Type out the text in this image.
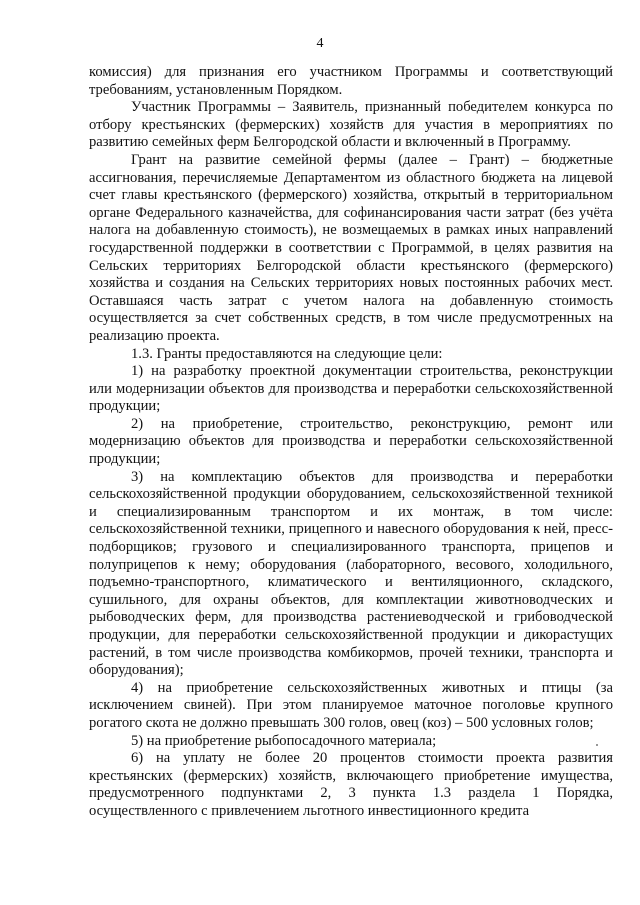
4

комиссия) для признания его участником Программы и соответствующий требованиям, установленным Порядком.

Участник Программы – Заявитель, признанный победителем конкурса по отбору крестьянских (фермерских) хозяйств для участия в мероприятиях по развитию семейных ферм Белгородской области и включенный в Программу.

Грант на развитие семейной фермы (далее – Грант) – бюджетные ассигнования, перечисляемые Департаментом из областного бюджета на лицевой счет главы крестьянского (фермерского) хозяйства, открытый в территориальном органе Федерального казначейства, для софинансирования части затрат (без учёта налога на добавленную стоимость), не возмещаемых в рамках иных направлений государственной поддержки в соответствии с Программой, в целях развития на Сельских территориях Белгородской области крестьянского (фермерского) хозяйства и создания на Сельских территориях новых постоянных рабочих мест. Оставшаяся часть затрат с учетом налога на добавленную стоимость осуществляется за счет собственных средств, в том числе предусмотренных на реализацию проекта.

1.3. Гранты предоставляются на следующие цели:

1) на разработку проектной документации строительства, реконструкции или модернизации объектов для производства и переработки сельскохозяйственной продукции;

2) на приобретение, строительство, реконструкцию, ремонт или модернизацию объектов для производства и переработки сельскохозяйственной продукции;

3) на комплектацию объектов для производства и переработки сельскохозяйственной продукции оборудованием, сельскохозяйственной техникой и специализированным транспортом и их монтаж, в том числе: сельскохозяйственной техники, прицепного и навесного оборудования к ней, пресс-подборщиков; грузового и специализированного транспорта, прицепов и полуприцепов к нему; оборудования (лабораторного, весового, холодильного, подъемно-транспортного, климатического и вентиляционного, складского, сушильного, для охраны объектов, для комплектации животноводческих и рыбоводческих ферм, для производства растениеводческой и грибоводческой продукции, для переработки сельскохозяйственной продукции и дикорастущих растений, в том числе производства комбикормов, прочей техники, транспорта и оборудования);

4) на приобретение сельскохозяйственных животных и птицы (за исключением свиней). При этом планируемое маточное поголовье крупного рогатого скота не должно превышать 300 голов, овец (коз) – 500 условных голов;

5) на приобретение рыбопосадочного материала;

6) на уплату не более 20 процентов стоимости проекта развития крестьянских (фермерских) хозяйств, включающего приобретение имущества, предусмотренного подпунктами 2, 3 пункта 1.3 раздела 1 Порядка, осуществленного с привлечением льготного инвестиционного кредита
